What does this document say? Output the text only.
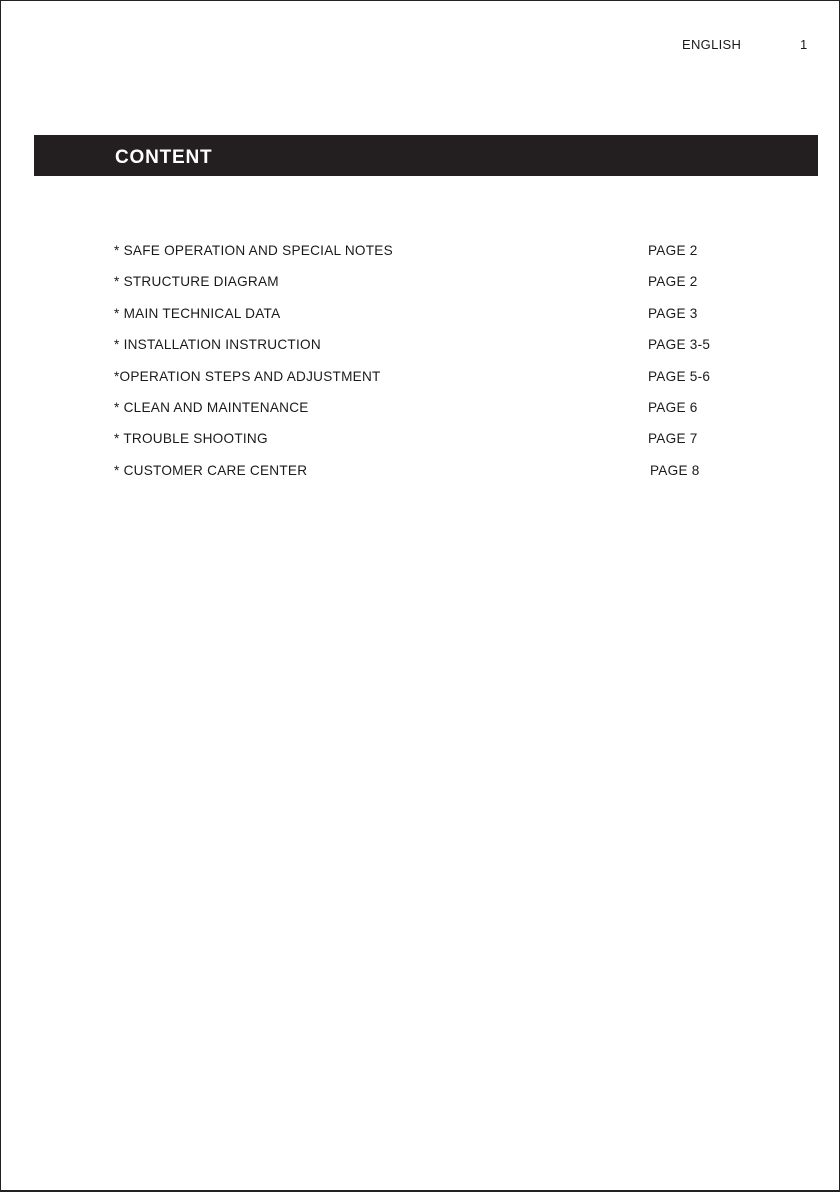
ENGLISH	1
CONTENT
* SAFE OPERATION AND SPECIAL NOTES	PAGE 2
* STRUCTURE DIAGRAM	PAGE 2
* MAIN TECHNICAL DATA	PAGE 3
* INSTALLATION INSTRUCTION	PAGE 3-5
*OPERATION STEPS AND ADJUSTMENT	PAGE 5-6
* CLEAN AND MAINTENANCE	PAGE 6
* TROUBLE SHOOTING	PAGE 7
* CUSTOMER CARE CENTER	PAGE 8
